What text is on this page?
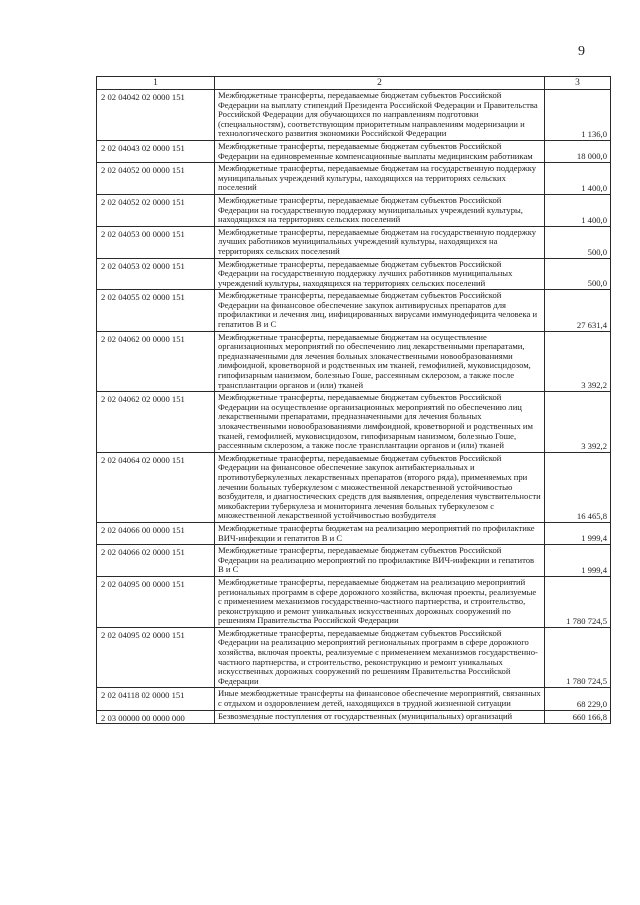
9
1	2	3
2 02 04042 02 0000 151	Межбюджетные трансферты, передаваемые бюджетам субъектов Российской Федерации на выплату стипендий Президента Российской Федерации и Правительства Российской Федерации для обучающихся по направлениям подготовки (специальностям), соответствующим приоритетным направлениям модернизации и технологического развития экономики Российской Федерации	1 136,0
2 02 04043 02 0000 151	Межбюджетные трансферты, передаваемые бюджетам субъектов Российской Федерации на единовременные компенсационные выплаты медицинским работникам	18 000,0
2 02 04052 00 0000 151	Межбюджетные трансферты, передаваемые бюджетам на государственную поддержку муниципальных учреждений культуры, находящихся на территориях сельских поселений	1 400,0
2 02 04052 02 0000 151	Межбюджетные трансферты, передаваемые бюджетам субъектов Российской Федерации на государственную поддержку муниципальных учреждений культуры, находящихся на территориях сельских поселений	1 400,0
2 02 04053 00 0000 151	Межбюджетные трансферты, передаваемые бюджетам на государственную поддержку лучших работников муниципальных учреждений культуры, находящихся на территориях сельских поселений	500,0
2 02 04053 02 0000 151	Межбюджетные трансферты, передаваемые бюджетам субъектов Российской Федерации на государственную поддержку лучших работников муниципальных учреждений культуры, находящихся на территориях сельских поселений	500,0
2 02 04055 02 0000 151	Межбюджетные трансферты, передаваемые бюджетам субъектов Российской Федерации на финансовое обеспечение закупок антивирусных препаратов для профилактики и лечения лиц, инфицированных вирусами иммунодефицита человека и гепатитов В и С	27 631,4
2 02 04062 00 0000 151	Межбюджетные трансферты, передаваемые бюджетам на осуществление организационных мероприятий по обеспечению лиц лекарственными препаратами, предназначенными для лечения больных злокачественными новообразованиями лимфоидной, кроветворной и родственных им тканей, гемофилией, муковисцидозом, гипофизарным нанизмом, болезнью Гоше, рассеянным склерозом, а также после трансплантации органов и (или) тканей	3 392,2
2 02 04062 02 0000 151	Межбюджетные трансферты, передаваемые бюджетам субъектов Российской Федерации на осуществление организационных мероприятий по обеспечению лиц лекарственными препаратами, предназначенными для лечения больных злокачественными новообразованиями лимфоидной, кроветворной и родственных им тканей, гемофилией, муковисцидозом, гипофизарным нанизмом, болезнью Гоше, рассеянным склерозом, а также после трансплантации органов и (или) тканей	3 392,2
2 02 04064 02 0000 151	Межбюджетные трансферты, передаваемые бюджетам субъектов Российской Федерации на финансовое обеспечение закупок антибактериальных и противотуберкулезных лекарственных препаратов (второго ряда), применяемых при лечении больных туберкулезом с множественной лекарственной устойчивостью возбудителя, и диагностических средств для выявления, определения чувствительности микобактерии туберкулеза и мониторинга лечения больных туберкулезом с множественной лекарственной устойчивостью возбудителя	16 465,8
2 02 04066 00 0000 151	Межбюджетные трансферты бюджетам на реализацию мероприятий по профилактике ВИЧ-инфекции и гепатитов В и С	1 999,4
2 02 04066 02 0000 151	Межбюджетные трансферты, передаваемые бюджетам субъектов Российской Федерации на реализацию мероприятий по профилактике ВИЧ-инфекции и гепатитов В и С	1 999,4
2 02 04095 00 0000 151	Межбюджетные трансферты, передаваемые бюджетам на реализацию мероприятий региональных программ в сфере дорожного хозяйства, включая проекты, реализуемые с применением механизмов государственно-частного партнерства, и строительство, реконструкцию и ремонт уникальных искусственных дорожных сооружений по решениям Правительства Российской Федерации	1 780 724,5
2 02 04095 02 0000 151	Межбюджетные трансферты, передаваемые бюджетам субъектов Российской Федерации на реализацию мероприятий региональных программ в сфере дорожного хозяйства, включая проекты, реализуемые с применением механизмов государственно-частного партнерства, и строительство, реконструкцию и ремонт уникальных искусственных дорожных сооружений по решениям Правительства Российской Федерации	1 780 724,5
2 02 04118 02 0000 151	Иные межбюджетные трансферты на финансовое обеспечение мероприятий, связанных с отдыхом и оздоровлением детей, находящихся в трудной жизненной ситуации	68 229,0
2 03 00000 00 0000 000	Безвозмездные поступления от государственных (муниципальных) организаций	660 166,8
